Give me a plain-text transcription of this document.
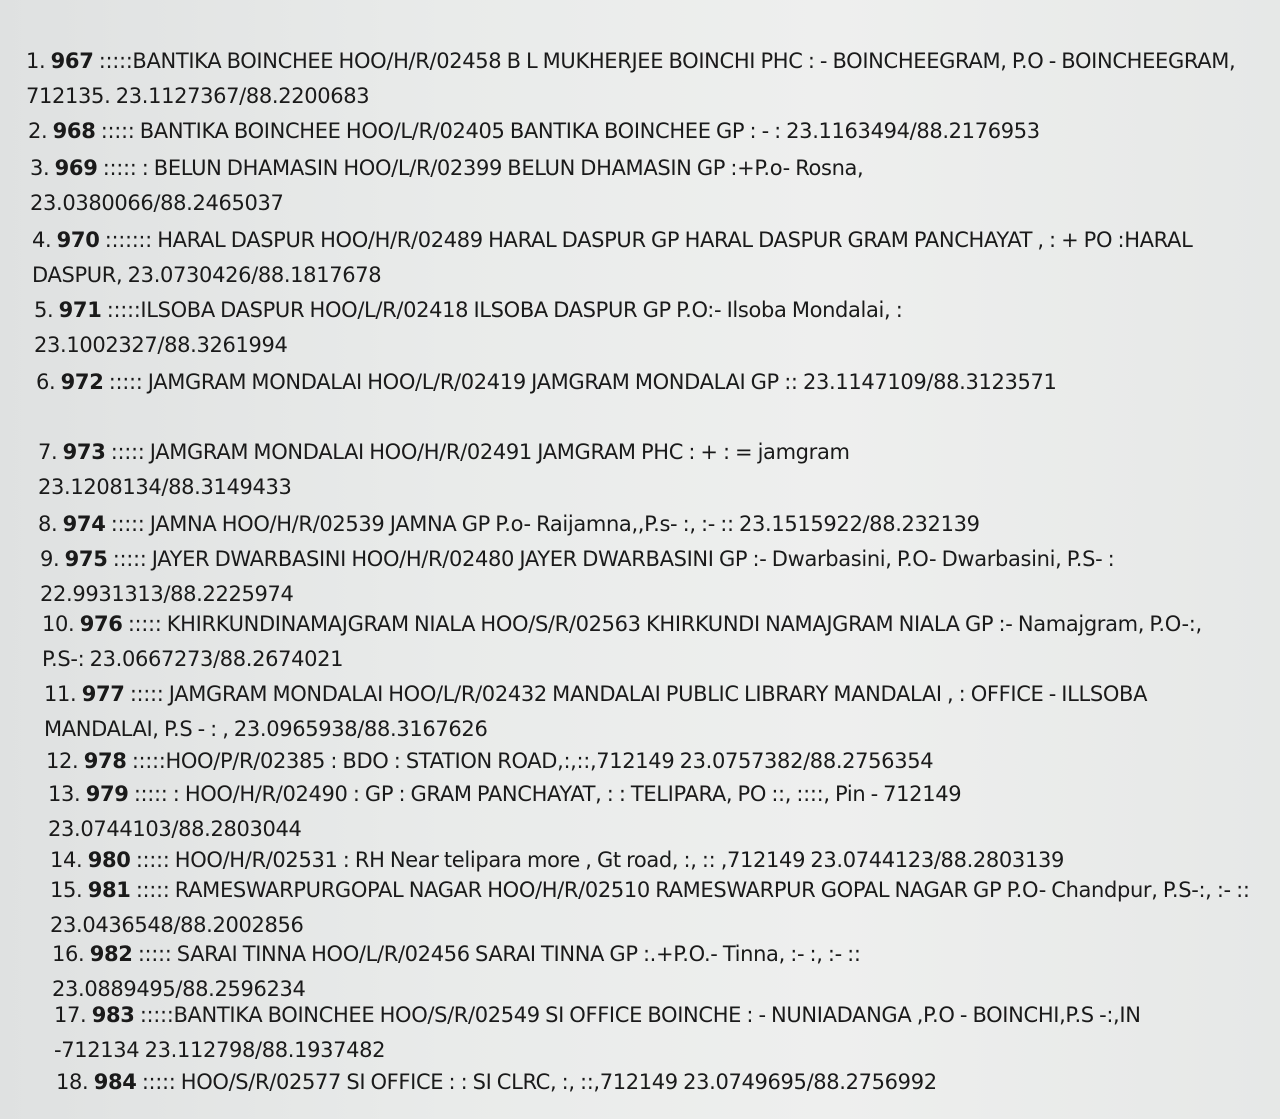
1. 967 :::::BANTIKA BOINCHEE HOO/H/R/02458 B L MUKHERJEE BOINCHI PHC : - BOINCHEEGRAM, P.O - BOINCHEEGRAM, 712135. 23.1127367/88.2200683
2. 968 ::::: BANTIKA BOINCHEE HOO/L/R/02405 BANTIKA BOINCHEE GP : - : 23.1163494/88.2176953
3. 969 ::::: : BELUN DHAMASIN HOO/L/R/02399 BELUN DHAMASIN GP :+P.o- Rosna, 23.0380066/88.2465037
4. 970 ::::::: HARAL DASPUR HOO/H/R/02489 HARAL DASPUR GP HARAL DASPUR GRAM PANCHAYAT , : + PO :HARAL DASPUR, 23.0730426/88.1817678
5. 971 :::::ILSOBA DASPUR HOO/L/R/02418 ILSOBA DASPUR GP P.O:- Ilsoba Mondalai, : 23.1002327/88.3261994
6. 972 ::::: JAMGRAM MONDALAI HOO/L/R/02419 JAMGRAM MONDALAI GP :: 23.1147109/88.3123571
7. 973 ::::: JAMGRAM MONDALAI HOO/H/R/02491 JAMGRAM PHC : + : = jamgram 23.1208134/88.3149433
8. 974 ::::: JAMNA HOO/H/R/02539 JAMNA GP P.o- Raijamna,,P.s- :, :- :: 23.1515922/88.232139
9. 975 ::::: JAYER DWARBASINI HOO/H/R/02480 JAYER DWARBASINI GP :- Dwarbasini, P.O- Dwarbasini, P.S- : 22.9931313/88.2225974
10. 976 ::::: KHIRKUNDINAMAJGRAM NIALA HOO/S/R/02563 KHIRKUNDI NAMAJGRAM NIALA GP :- Namajgram, P.O-:, P.S-: 23.0667273/88.2674021
11. 977 ::::: JAMGRAM MONDALAI HOO/L/R/02432 MANDALAI PUBLIC LIBRARY MANDALAI , : OFFICE - ILLSOBA MANDALAI, P.S - : , 23.0965938/88.3167626
12. 978 :::::HOO/P/R/02385 : BDO : STATION ROAD,:,::,712149 23.0757382/88.2756354
13. 979 ::::: : HOO/H/R/02490 : GP : GRAM PANCHAYAT, : : TELIPARA, PO ::, ::::, Pin - 712149 23.0744103/88.2803044
14. 980 ::::: HOO/H/R/02531 : RH Near telipara more , Gt road, :, :: ,712149 23.0744123/88.2803139
15. 981 ::::: RAMESWARPURGOPAL NAGAR HOO/H/R/02510 RAMESWARPUR GOPAL NAGAR GP P.O- Chandpur, P.S-:, :- :: 23.0436548/88.2002856
16. 982 ::::: SARAI TINNA HOO/L/R/02456 SARAI TINNA GP :.+P.O.- Tinna, :- :, :- :: 23.0889495/88.2596234
17. 983 :::::BANTIKA BOINCHEE HOO/S/R/02549 SI OFFICE BOINCHE : - NUNIADANGA ,P.O - BOINCHI,P.S -:,IN -712134 23.112798/88.1937482
18. 984 ::::: HOO/S/R/02577 SI OFFICE : : SI CLRC, :, ::,712149 23.0749695/88.2756992
